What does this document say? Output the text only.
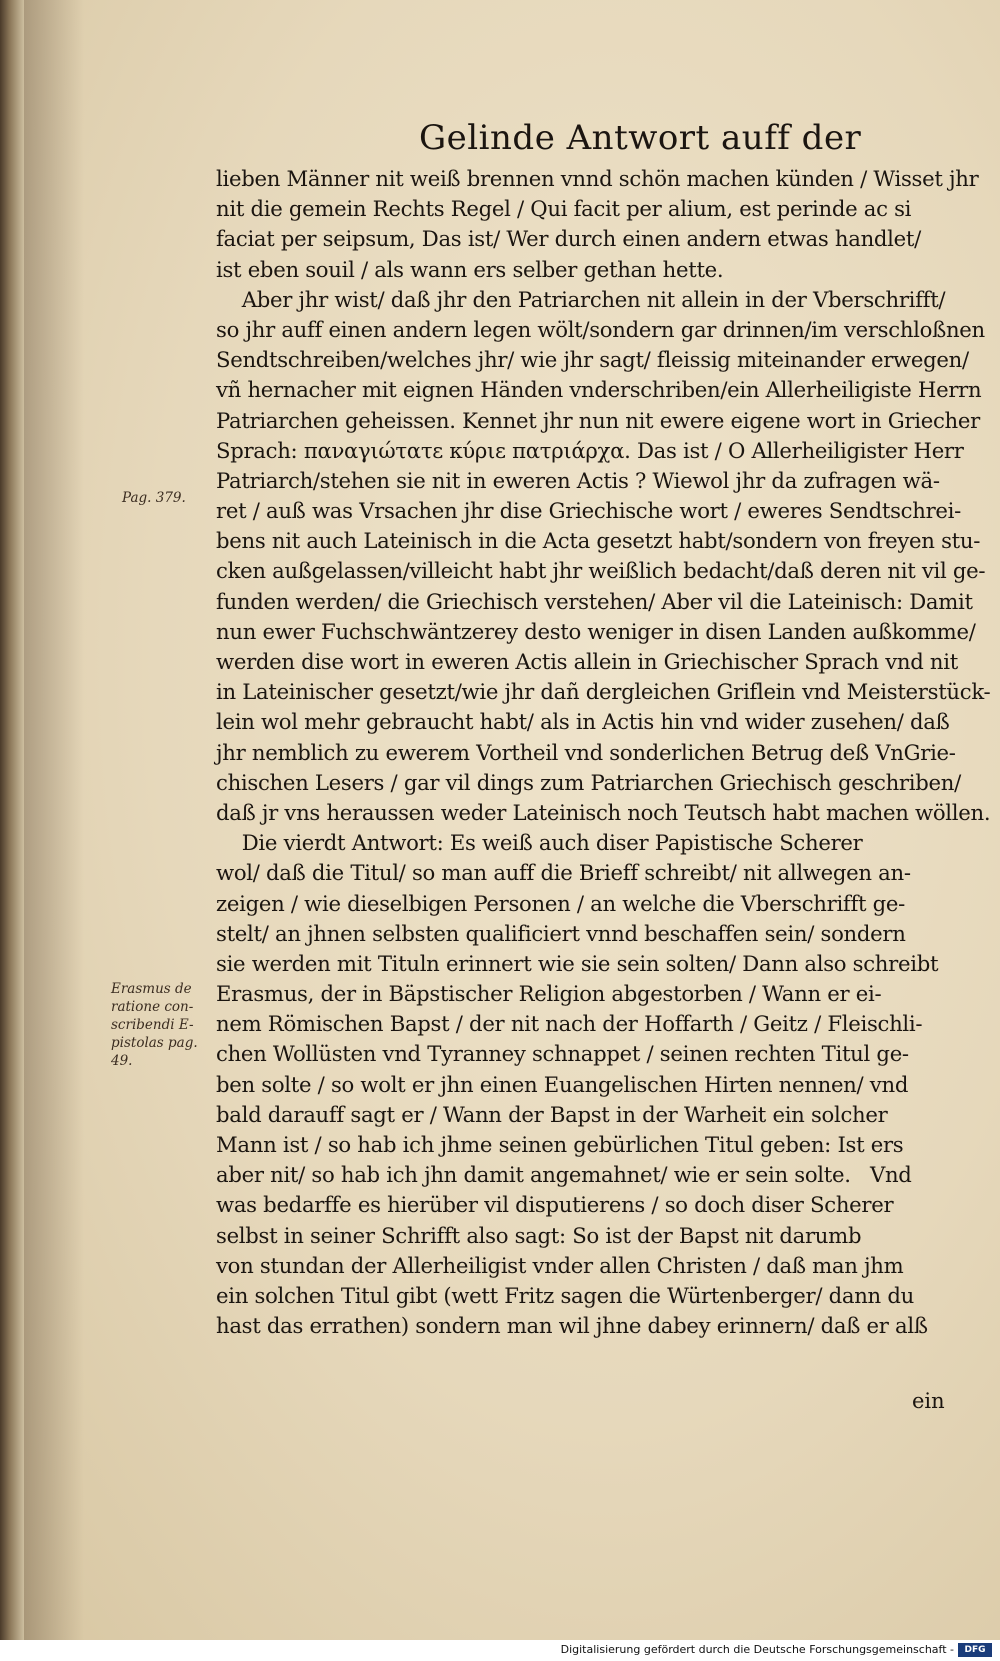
Gelinde Antwort auff der
lieben Männer nit weiß brennen vnnd schön machen künden / Wisset jhr
nit die gemein Rechts Regel / Qui facit per alium, est perinde ac si
faciat per seipsum, Das ist/ Wer durch einen andern etwas handlet/
ist eben souil / als wann ers selber gethan hette.
Aber jhr wist/ daß jhr den Patriarchen nit allein in der Vberschrifft/
so jhr auff einen andern legen wölt/sondern gar drinnen/im verschloßnen
Sendtschreiben/welches jhr/ wie jhr sagt/ fleissig miteinander erwegen/
vñ hernacher mit eignen Händen vnderschriben/ein Allerheiligiste Herrn
Patriarchen geheissen. Kennet jhr nun nit ewere eigene wort in Griecher
Sprach: παναγιώτατε κύριε πατριάρχα. Das ist / O Allerheiligister Herr
Patriarch/stehen sie nit in eweren Actis ? Wiewol jhr da zufragen wä-
ret / auß was Vrsachen jhr dise Griechische wort / eweres Sendtschrei-
bens nit auch Lateinisch in die Acta gesetzt habt/sondern von freyen stu-
cken außgelassen/villeicht habt jhr weißlich bedacht/daß deren nit vil ge-
funden werden/ die Griechisch verstehen/ Aber vil die Lateinisch: Damit
nun ewer Fuchschwäntzerey desto weniger in disen Landen außkomme/
werden dise wort in eweren Actis allein in Griechischer Sprach vnd nit
in Lateinischer gesetzt/wie jhr dañ dergleichen Griflein vnd Meisterstück-
lein wol mehr gebraucht habt/ als in Actis hin vnd wider zusehen/ daß
jhr nemblich zu ewerem Vortheil vnd sonderlichen Betrug deß VnGrie-
chischen Lesers / gar vil dings zum Patriarchen Griechisch geschriben/
daß jr vns heraussen weder Lateinisch noch Teutsch habt machen wöllen.
Die vierdt Antwort: Es weiß auch diser Papistische Scherer
wol/ daß die Titul/ so man auff die Brieff schreibt/ nit allwegen an-
zeigen / wie dieselbigen Personen / an welche die Vberschrifft ge-
stelt/ an jhnen selbsten qualificiert vnnd beschaffen sein/ sondern
sie werden mit Tituln erinnert wie sie sein solten/ Dann also schreibt
Erasmus, der in Bäpstischer Religion abgestorben / Wann er ei-
nem Römischen Bapst / der nit nach der Hoffarth / Geitz / Fleischli-
chen Wollüsten vnd Tyranney schnappet / seinen rechten Titul ge-
ben solte / so wolt er jhn einen Euangelischen Hirten nennen/ vnd
bald darauff sagt er / Wann der Bapst in der Warheit ein solcher
Mann ist / so hab ich jhme seinen gebürlichen Titul geben: Ist ers
aber nit/ so hab ich jhn damit angemahnet/ wie er sein solte.   Vnd
was bedarffe es hierüber vil disputierens / so doch diser Scherer
selbst in seiner Schrifft also sagt: So ist der Bapst nit darumb
von stundan der Allerheiligist vnder allen Christen / daß man jhm
ein solchen Titul gibt (wett Fritz sagen die Würtenberger/ dann du
hast das errathen) sondern man wil jhne dabey erinnern/ daß er alß
Pag. 379.
Erasmus de
ratione con-
scribendi E-
pistolas pag.
49.
ein
Digitalisierung gefördert durch die Deutsche Forschungsgemeinschaft -	DFG
